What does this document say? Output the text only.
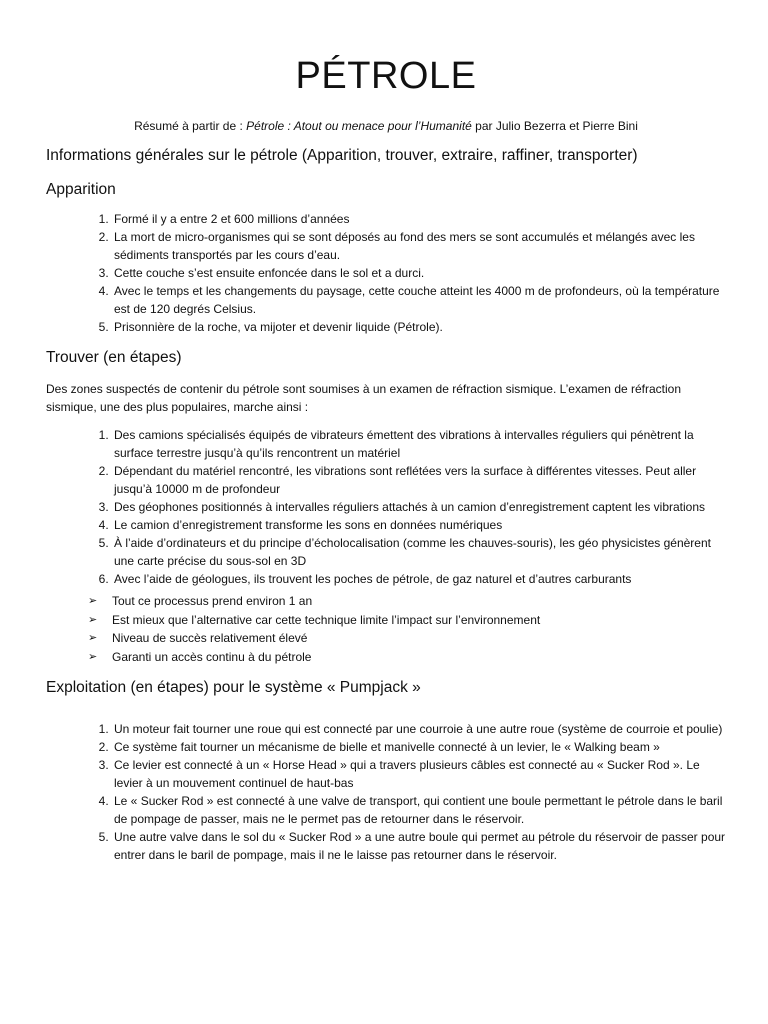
PÉTROLE
Résumé à partir de : Pétrole : Atout ou menace pour l’Humanité par Julio Bezerra et Pierre Bini
Informations générales sur le pétrole (Apparition, trouver, extraire, raffiner, transporter)
Apparition
1. Formé il y a entre 2 et 600 millions d’années
2. La mort de micro-organismes qui se sont déposés au fond des mers se sont accumulés et mélangés avec les sédiments transportés par les cours d’eau.
3. Cette couche s’est ensuite enfoncée dans le sol et a durci.
4. Avec le temps et les changements du paysage, cette couche atteint les 4000 m de profondeurs, où la température est de 120 degrés Celsius.
5. Prisonnière de la roche, va mijoter et devenir liquide (Pétrole).
Trouver (en étapes)

Des zones suspectés de contenir du pétrole sont soumises à un examen de réfraction sismique. L’examen de réfraction sismique, une des plus populaires, marche ainsi :

1. Des camions spécialisés équipés de vibrateurs émettent des vibrations à intervalles réguliers qui pénètrent la surface terrestre jusqu’à qu’ils rencontrent un matériel
2. Dépendant du matériel rencontré, les vibrations sont reflétées vers la surface à différentes vitesses. Peut aller jusqu’à 10000 m de profondeur
3. Des géophones positionnés à intervalles réguliers attachés à un camion d’enregistrement captent les vibrations
4. Le camion d’enregistrement transforme les sons en données numériques
5. À l’aide d’ordinateurs et du principe d’écholocalisation (comme les chauves-souris), les géo physicistes génèrent une carte précise du sous-sol en 3D
6. Avec l’aide de géologues, ils trouvent les poches de pétrole, de gaz naturel et d’autres carburants
➢ Tout ce processus prend environ 1 an
➢ Est mieux que l’alternative car cette technique limite l’impact sur l’environnement
➢ Niveau de succès relativement élevé
➢ Garanti un accès continu à du pétrole
Exploitation (en étapes) pour le système « Pumpjack »
1. Un moteur fait tourner une roue qui est connecté par une courroie à une autre roue (système de courroie et poulie)
2. Ce système fait tourner un mécanisme de bielle et manivelle connecté à un levier, le « Walking beam »
3. Ce levier est connecté à un « Horse Head » qui a travers plusieurs câbles est connecté au « Sucker Rod ». Le levier à un mouvement continuel de haut-bas
4. Le « Sucker Rod » est connecté à une valve de transport, qui contient une boule permettant le pétrole dans le baril de pompage de passer, mais ne le permet pas de retourner dans le réservoir.
5. Une autre valve dans le sol du « Sucker Rod » a une autre boule qui permet au pétrole du réservoir de passer pour entrer dans le baril de pompage, mais il ne le laisse pas retourner dans le réservoir.
